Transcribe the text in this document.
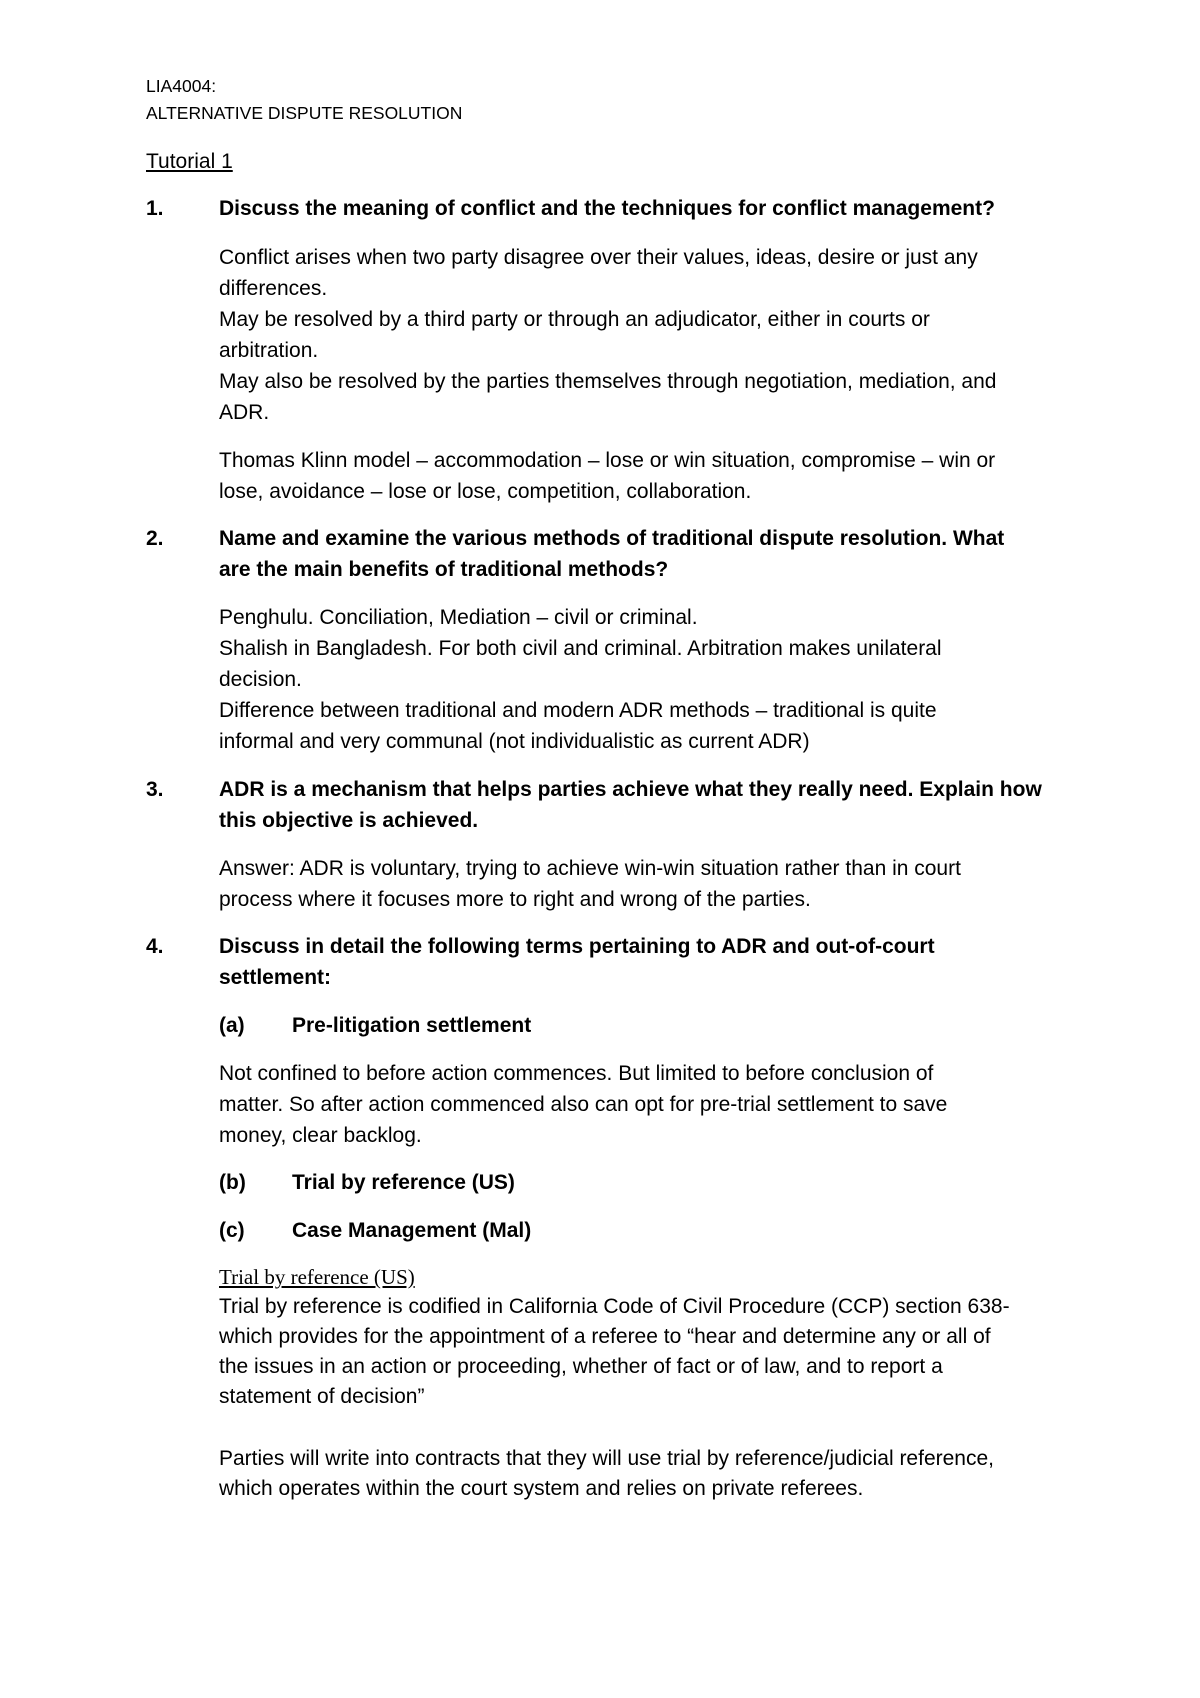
LIA4004:
ALTERNATIVE DISPUTE RESOLUTION
Tutorial 1
1.	Discuss the meaning of conflict and the techniques for conflict management?
Conflict arises when two party disagree over their values, ideas, desire or just any
differences.
May be resolved by a third party or through an adjudicator, either in courts or
arbitration.
May also be resolved by the parties themselves through negotiation, mediation, and
ADR.
Thomas Klinn model – accommodation – lose or win situation, compromise – win or
lose, avoidance – lose or lose, competition, collaboration.
2.	Name and examine the various methods of traditional dispute resolution. What
are the main benefits of traditional methods?
Penghulu. Conciliation, Mediation – civil or criminal.
Shalish in Bangladesh. For both civil and criminal. Arbitration makes unilateral
decision.
Difference between traditional and modern ADR methods – traditional is quite
informal and very communal (not individualistic as current ADR)
3.	ADR is a mechanism that helps parties achieve what they really need. Explain how
this objective is achieved.
Answer: ADR is voluntary, trying to achieve win-win situation rather than in court
process where it focuses more to right and wrong of the parties.
4.	Discuss in detail the following terms pertaining to ADR and out-of-court
settlement:
(a) Pre-litigation settlement
Not confined to before action commences. But limited to before conclusion of
matter. So after action commenced also can opt for pre-trial settlement to save
money, clear backlog.
(b) Trial by reference (US)
(c) Case Management (Mal)
Trial by reference (US)
Trial by reference is codified in California Code of Civil Procedure (CCP) section 638-
which provides for the appointment of a referee to “hear and determine any or all of
the issues in an action or proceeding, whether of fact or of law, and to report a
statement of decision”
Parties will write into contracts that they will use trial by reference/judicial reference,
which operates within the court system and relies on private referees.
